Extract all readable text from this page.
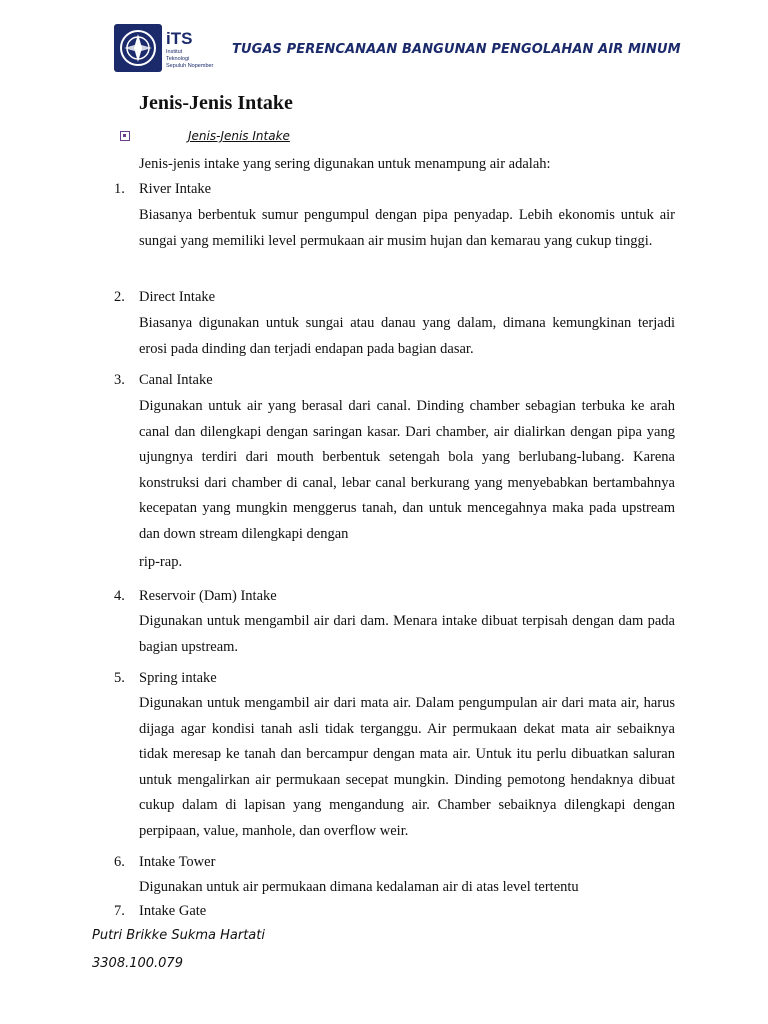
iTS
Institut
Teknologi
Sepuluh Nopember
TUGAS PERENCANAAN BANGUNAN PENGOLAHAN AIR MINUM
Jenis-Jenis Intake
Jenis-Jenis Intake
Jenis-jenis intake yang sering digunakan untuk menampung air adalah:
1. River Intake
Biasanya berbentuk sumur pengumpul dengan pipa penyadap. Lebih ekonomis untuk air sungai yang memiliki level permukaan air musim hujan dan kemarau yang cukup tinggi.
2. Direct Intake
Biasanya digunakan untuk sungai atau danau yang dalam, dimana kemungkinan terjadi erosi pada dinding dan terjadi endapan pada bagian dasar.
3. Canal Intake
Digunakan untuk air yang berasal dari canal. Dinding chamber sebagian terbuka ke arah canal dan dilengkapi dengan saringan kasar. Dari chamber, air dialirkan dengan pipa yang ujungnya terdiri dari mouth berbentuk setengah bola yang berlubang-lubang. Karena konstruksi dari chamber di canal, lebar canal berkurang yang menyebabkan bertambahnya kecepatan yang mungkin menggerus tanah, dan untuk mencegahnya maka pada upstream dan down stream dilengkapi dengan
rip-rap.
4. Reservoir (Dam) Intake
Digunakan untuk mengambil air dari dam. Menara intake dibuat terpisah dengan dam pada bagian upstream.
5. Spring intake
Digunakan untuk mengambil air dari mata air. Dalam pengumpulan air dari mata air, harus dijaga agar kondisi tanah asli tidak terganggu. Air permukaan dekat mata air sebaiknya tidak meresap ke tanah dan bercampur dengan mata air. Untuk itu perlu dibuatkan saluran untuk mengalirkan air permukaan secepat mungkin. Dinding pemotong hendaknya dibuat cukup dalam di lapisan yang mengandung air. Chamber sebaiknya dilengkapi dengan perpipaan, value, manhole, dan overflow weir.
6. Intake Tower
Digunakan untuk air permukaan dimana kedalaman air di atas level tertentu
7. Intake Gate
Putri Brikke Sukma Hartati
3308.100.079
